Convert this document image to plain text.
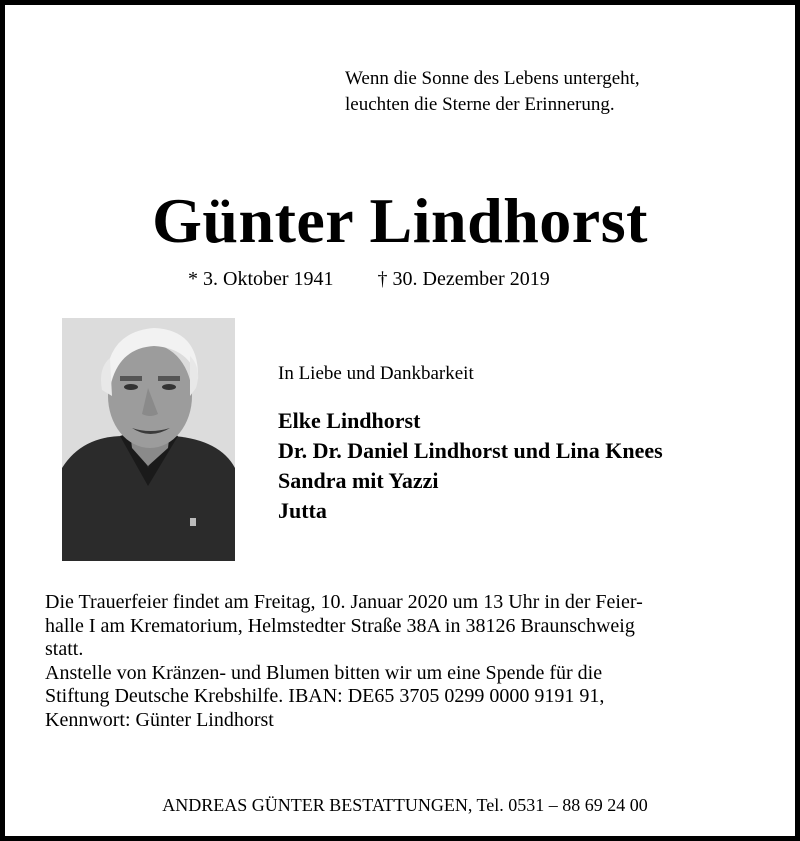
Wenn die Sonne des Lebens untergeht,
leuchten die Sterne der Erinnerung.
Günter Lindhorst
* 3. Oktober 1941 † 30. Dezember 2019
In Liebe und Dankbarkeit
Elke Lindhorst
Dr. Dr. Daniel Lindhorst und Lina Knees
Sandra mit Yazzi
Jutta

Die Trauerfeier findet am Freitag, 10. Januar 2020 um 13 Uhr in der Feier-

halle I am Krematorium, Helmstedter Straße 38A in 38126 Braunschweig

statt.

Anstelle von Kränzen- und Blumen bitten wir um eine Spende für die

Stiftung Deutsche Krebshilfe. IBAN: DE65 3705 0299 0000 9191 91,

Kennwort: Günter Lindhorst

ANDREAS GÜNTER BESTATTUNGEN, Tel. 0531 – 88 69 24 00
